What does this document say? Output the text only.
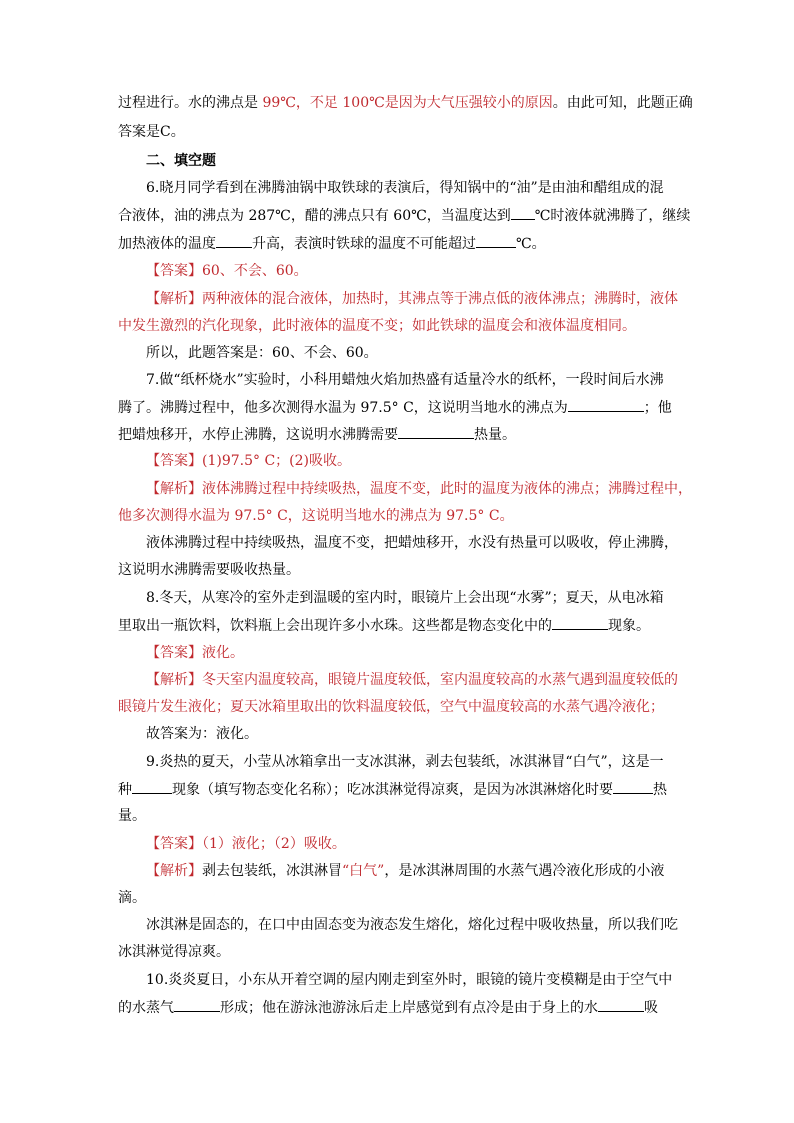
过程进行。水的沸点是 99℃，不足 100℃是因为大气压强较小的原因。由此可知，此题正确
答案是C。
二、填空题
6.晓月同学看到在沸腾油锅中取铁球的表演后，得知锅中的“油”是由油和醋组成的混
合液体，油的沸点为 287℃，醋的沸点只有 60℃，当温度达到 ℃时液体就沸腾了，继续
加热液体的温度	升高，表演时铁球的温度不可能超过	℃。
【答案】60、不会、60。
【解析】两种液体的混合液体，加热时，其沸点等于沸点低的液体沸点；沸腾时，液体
中发生激烈的汽化现象，此时液体的温度不变；如此铁球的温度会和液体温度相同。
所以，此题答案是：60、不会、60。
7.做“纸杯烧水”实验时，小科用蜡烛火焰加热盛有适量冷水的纸杯，一段时间后水沸
腾了。沸腾过程中，他多次测得水温为 97.5° C，这说明当地水的沸点为	；他
把蜡烛移开，水停止沸腾，这说明水沸腾需要	热量。
【答案】(1)97.5° C；(2)吸收。
【解析】液体沸腾过程中持续吸热，温度不变，此时的温度为液体的沸点；沸腾过程中，
他多次测得水温为 97.5° C，这说明当地水的沸点为 97.5° C。
液体沸腾过程中持续吸热，温度不变，把蜡烛移开，水没有热量可以吸收，停止沸腾，
这说明水沸腾需要吸收热量。
8.冬天，从寒冷的室外走到温暖的室内时，眼镜片上会出现“水雾”；夏天，从电冰箱
里取出一瓶饮料，饮料瓶上会出现许多小水珠。这些都是物态变化中的	现象。
【答案】液化。
【解析】冬天室内温度较高，眼镜片温度较低，室内温度较高的水蒸气遇到温度较低的
眼镜片发生液化；夏天冰箱里取出的饮料温度较低，空气中温度较高的水蒸气遇冷液化；
故答案为：液化。
9.炎热的夏天，小莹从冰箱拿出一支冰淇淋，剥去包装纸，冰淇淋冒“白气”，这是一
种	现象（填写物态变化名称）；吃冰淇淋觉得凉爽，是因为冰淇淋熔化时要	热
量。
【答案】（1）液化；（2）吸收。
【解析】剥去包装纸，冰淇淋冒“白气”，是冰淇淋周围的水蒸气遇冷液化形成的小液
滴。
冰淇淋是固态的，在口中由固态变为液态发生熔化，熔化过程中吸收热量，所以我们吃
冰淇淋觉得凉爽。
10.炎炎夏日，小东从开着空调的屋内刚走到室外时，眼镜的镜片变模糊是由于空气中
的水蒸气	形成；他在游泳池游泳后走上岸感觉到有点冷是由于身上的水	吸
